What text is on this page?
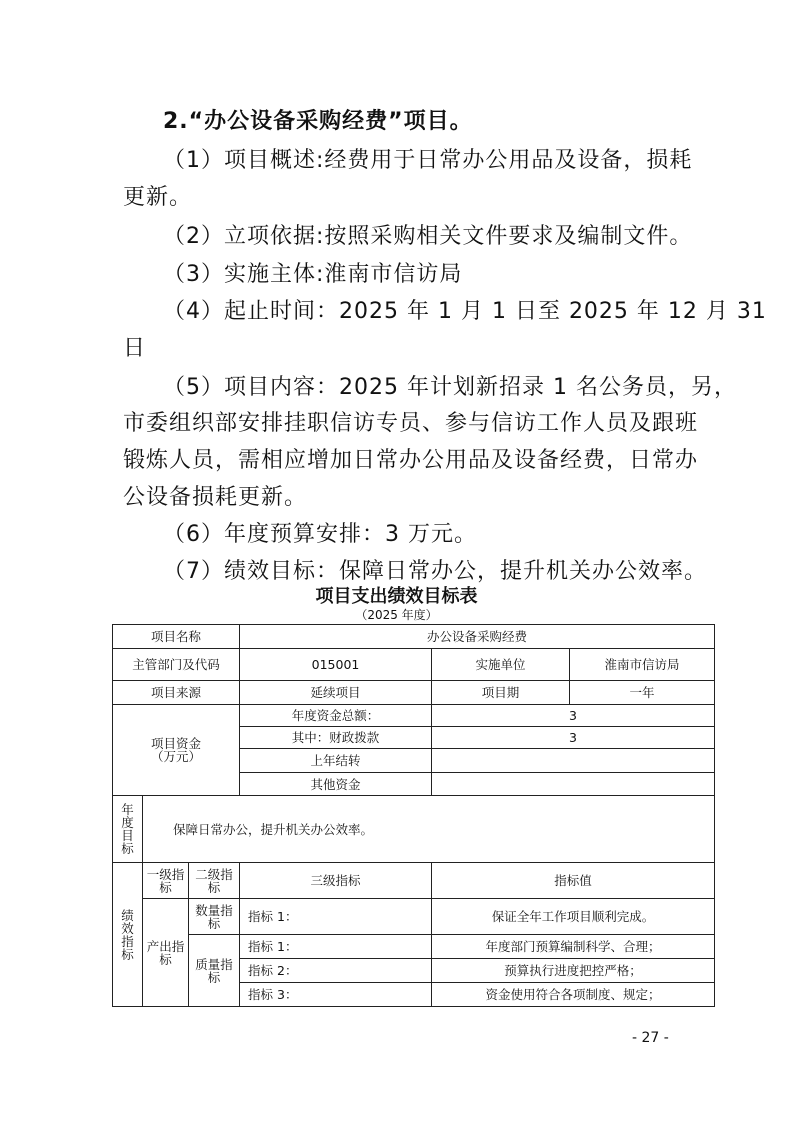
2.“办公设备采购经费”项目。
（1）项目概述:经费用于日常办公用品及设备，损耗
更新。
（2）立项依据:按照采购相关文件要求及编制文件。
（3）实施主体:淮南市信访局
（4）起止时间：2025 年 1 月 1 日至 2025 年 12 月 31
日
（5）项目内容：2025 年计划新招录 1 名公务员，另，
市委组织部安排挂职信访专员、参与信访工作人员及跟班
锻炼人员，需相应增加日常办公用品及设备经费，日常办
公设备损耗更新。
（6）年度预算安排：3 万元。
（7）绩效目标：保障日常办公，提升机关办公效率。
项目支出绩效目标表
（2025 年度）
项目名称			办公设备采购经费		
主管部门及代码			015001	实施单位	淮南市信访局
项目来源			延续项目	项目期	一年
项目资金（万元）			年度资金总额：	3	
			其中：财政拨款	3	
			上年结转		
			其他资金		
年度目标	保障日常办公，提升机关办公效率。				
绩效指标	一级指标	二级指标	三级指标	指标值	
	产出指标	数量指标	指标 1：	保证全年工作项目顺利完成。	
		质量指标	指标 1：	年度部门预算编制科学、合理；	
			指标 2：	预算执行进度把控严格；	
			指标 3：	资金使用符合各项制度、规定；	
- 27 -
